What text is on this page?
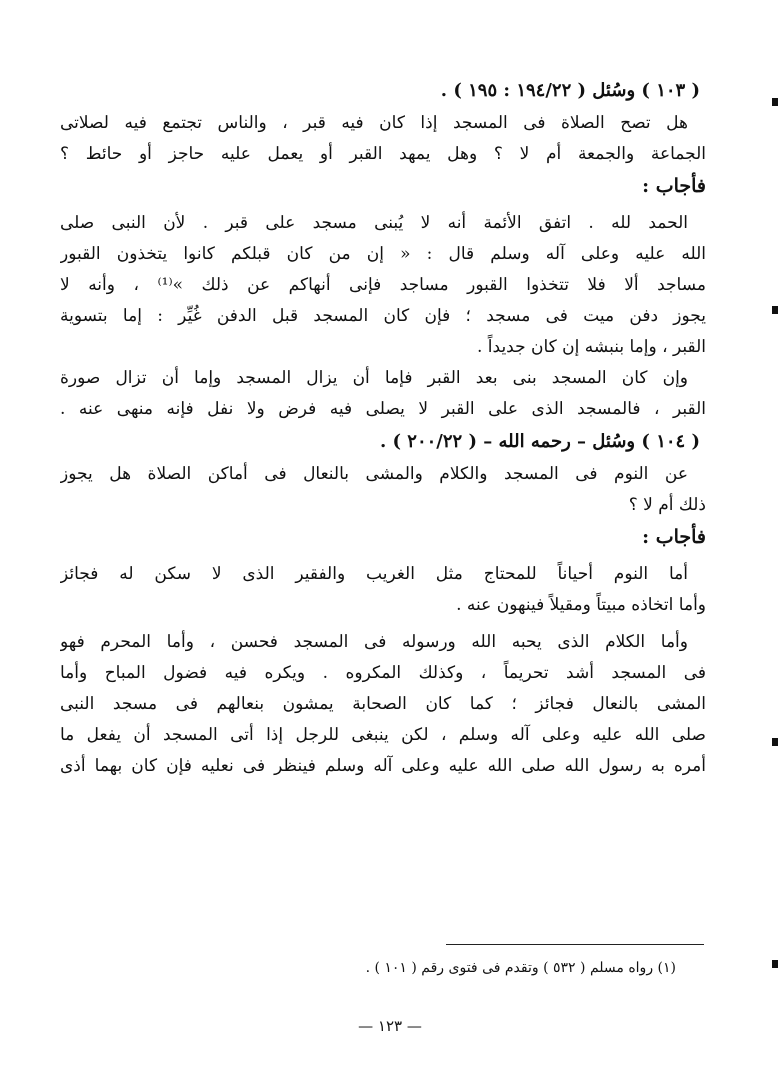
( ١٠٣ ) وسُئل ( ١٩٤/٢٢ : ١٩٥ ) .
هل تصح الصلاة فى المسجد إذا كان فيه قبر ، والناس تجتمع فيه لصلاتى
الجماعة والجمعة أم لا ؟ وهل يمهد القبر أو يعمل عليه حاجز أو حائط ؟
فأجاب :
الحمد لله . اتفق الأئمة أنه لا يُبنى مسجد على قبر . لأن النبى صلى
الله عليه وعلى آله وسلم قال : « إن من كان قبلكم كانوا يتخذون القبور
مساجد ألا فلا تتخذوا القبور مساجد فإنى أنهاكم عن ذلك »⁽¹⁾ ، وأنه لا
يجوز دفن ميت فى مسجد ؛ فإن كان المسجد قبل الدفن غُيِّر : إما بتسوية
القبر ، وإما بنبشه إن كان جديداً .
وإن كان المسجد بنى بعد القبر فإما أن يزال المسجد وإما أن تزال صورة
القبر ، فالمسجد الذى على القبر لا يصلى فيه فرض ولا نفل فإنه منهى عنه .
( ١٠٤ ) وسُئل – رحمه الله – ( ٢٠٠/٢٢ ) .
عن النوم فى المسجد والكلام والمشى بالنعال فى أماكن الصلاة هل يجوز
ذلك أم لا ؟
فأجاب :
أما النوم أحياناً للمحتاج مثل الغريب والفقير الذى لا سكن له فجائز
وأما اتخاذه مبيتاً ومقيلاً فينهون عنه .
وأما الكلام الذى يحبه الله ورسوله فى المسجد فحسن ، وأما المحرم فهو
فى المسجد أشد تحريماً ، وكذلك المكروه . ويكره فيه فضول المباح وأما
المشى بالنعال فجائز ؛ كما كان الصحابة يمشون بنعالهم فى مسجد النبى
صلى الله عليه وعلى آله وسلم ، لكن ينبغى للرجل إذا أتى المسجد أن يفعل ما
أمره به رسول الله صلى الله عليه وعلى آله وسلم فينظر فى نعليه فإن كان بهما أذى
(١) رواه مسلم ( ٥٣٢ ) وتقدم فى فتوى رقم ( ١٠١ ) .
— ١٢٣ —
